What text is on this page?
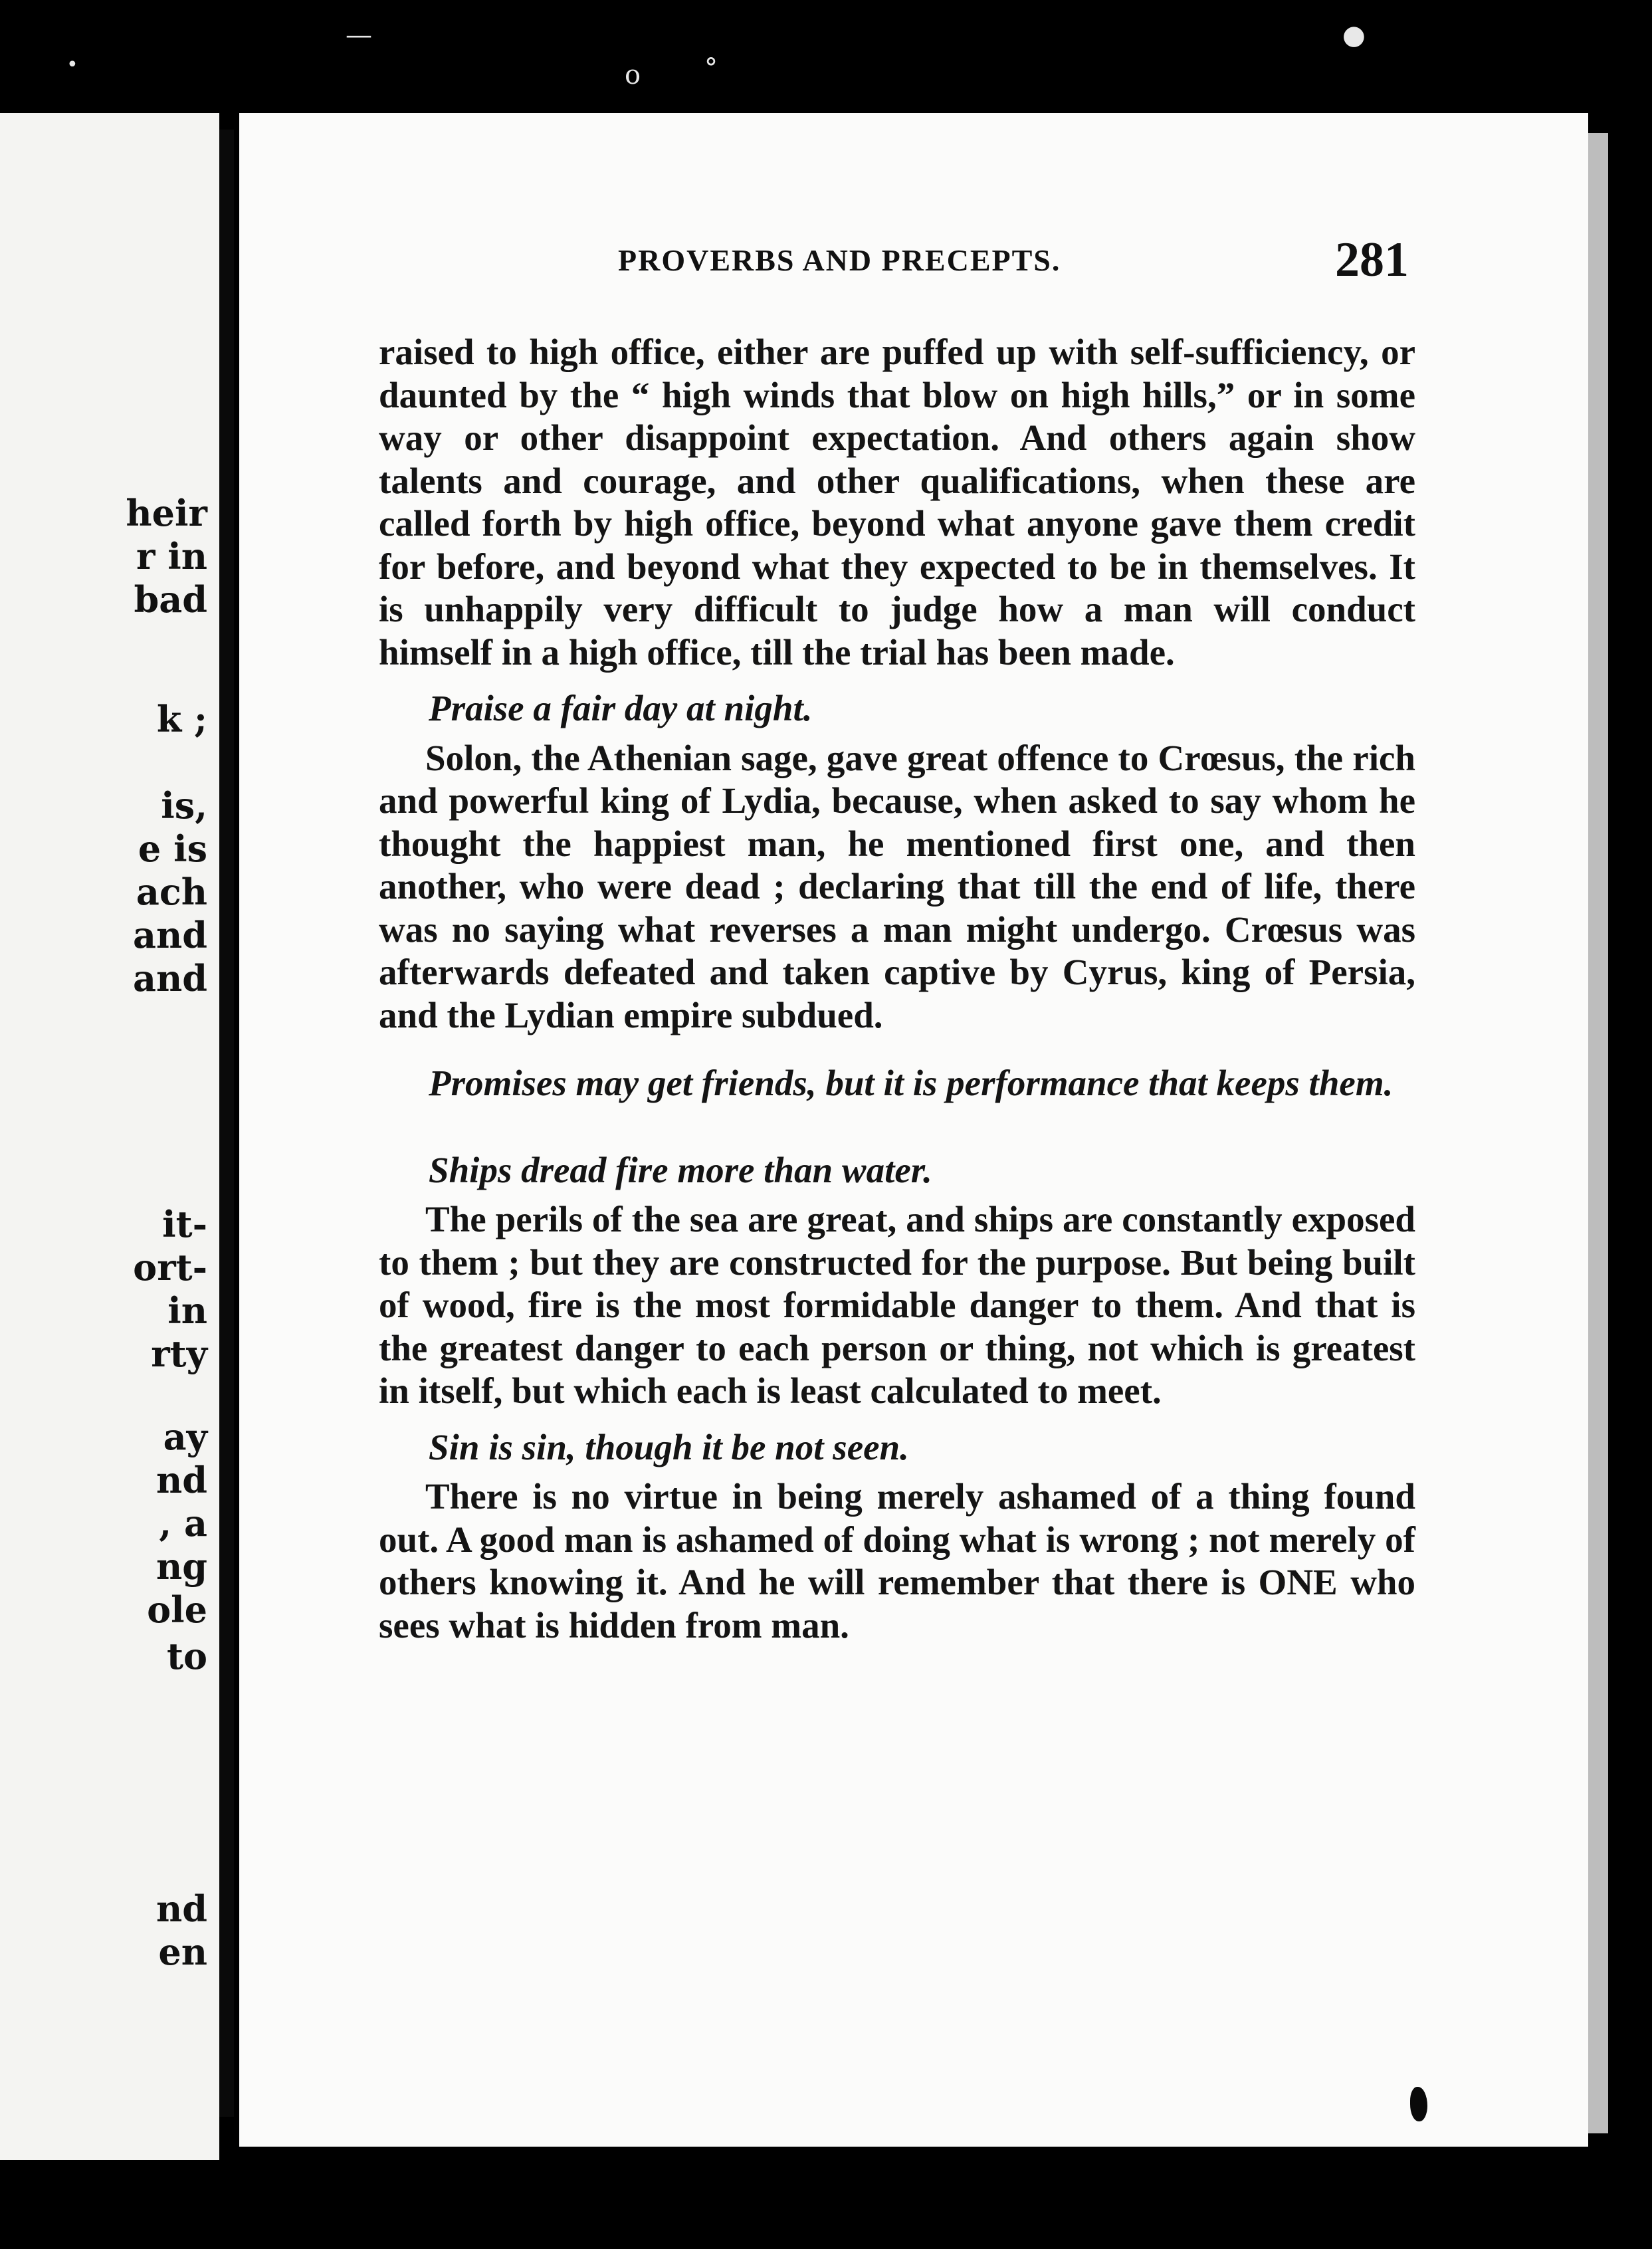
—
o °
●
•
heir
r in
bad
k ;
is,
e is
ach
and
and
it-
ort-
in
rty
ay
nd
, a
ng
ole
to
nd
en
PROVERBS AND PRECEPTS.	281

raised to high office, either are puffed up with self-sufficiency, or daunted by the “ high winds that blow on high hills,” or in some way or other disappoint expectation. And others again show talents and courage, and other qualifications, when these are called forth by high office, beyond what anyone gave them credit for before, and beyond what they expected to be in themselves. It is unhappily very difficult to judge how a man will conduct himself in a high office, till the trial has been made.

Praise a fair day at night.

Solon, the Athenian sage, gave great offence to Crœsus, the rich and powerful king of Lydia, because, when asked to say whom he thought the happiest man, he mentioned first one, and then another, who were dead ; declaring that till the end of life, there was no saying what reverses a man might undergo. Crœsus was afterwards defeated and taken captive by Cyrus, king of Persia, and the Lydian empire subdued.

Promises may get friends, but it is performance that keeps them.

Ships dread fire more than water.

The perils of the sea are great, and ships are constantly exposed to them ; but they are constructed for the purpose. But being built of wood, fire is the most formidable danger to them. And that is the greatest danger to each person or thing, not which is greatest in itself, but which each is least calculated to meet.

Sin is sin, though it be not seen.

There is no virtue in being merely ashamed of a thing found out. A good man is ashamed of doing what is wrong ; not merely of others knowing it. And he will remember that there is ONE who sees what is hidden from man.
